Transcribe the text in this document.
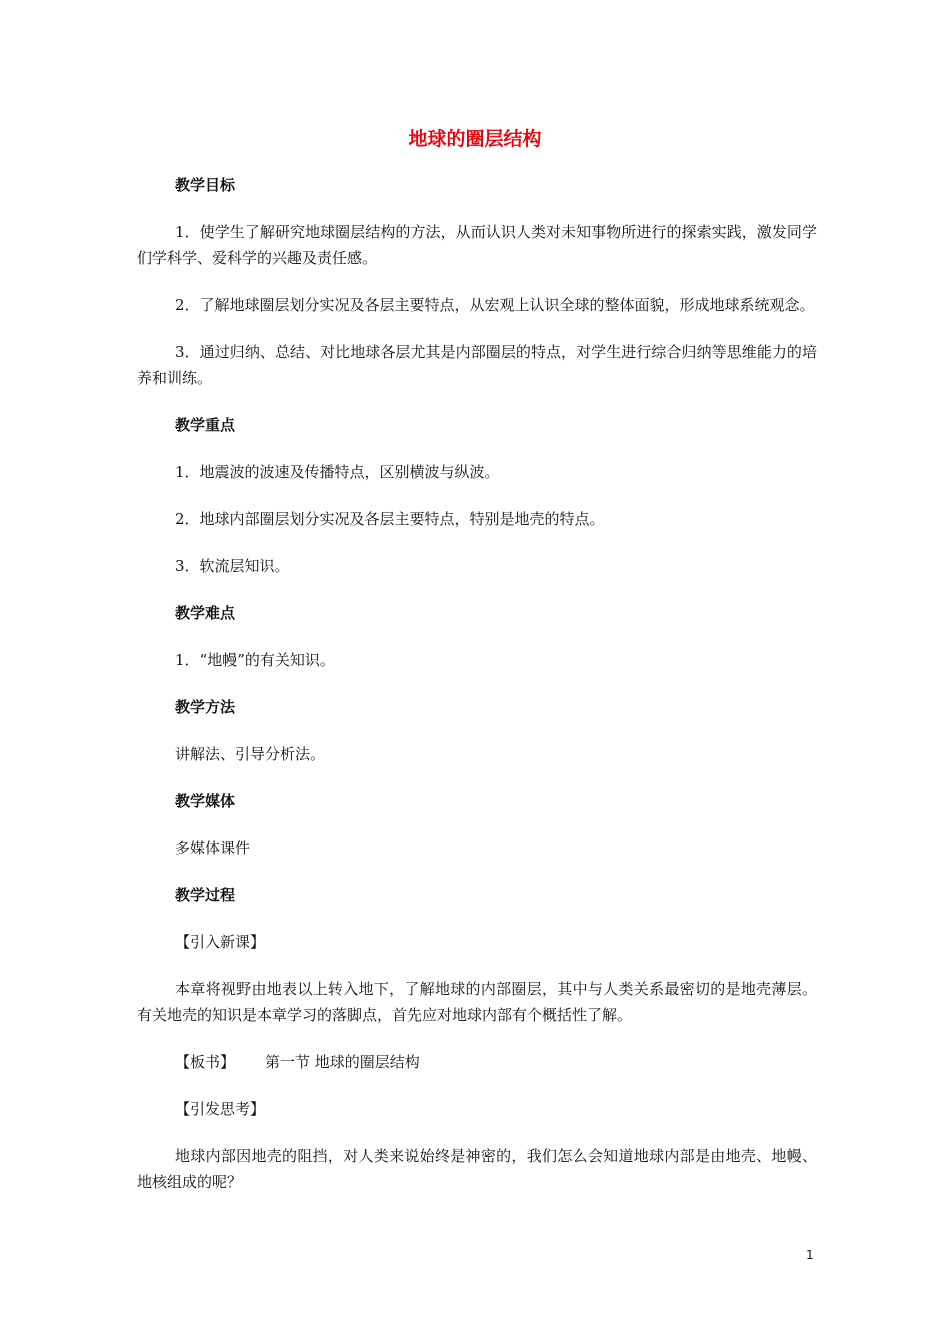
地球的圈层结构
教学目标
1．使学生了解研究地球圈层结构的方法，从而认识人类对未知事物所进行的探索实践，激发同学们学科学、爱科学的兴趣及责任感。
2．了解地球圈层划分实况及各层主要特点，从宏观上认识全球的整体面貌，形成地球系统观念。
3．通过归纳、总结、对比地球各层尤其是内部圈层的特点，对学生进行综合归纳等思维能力的培养和训练。
教学重点
1．地震波的波速及传播特点，区别横波与纵波。
2．地球内部圈层划分实况及各层主要特点，特别是地壳的特点。
3．软流层知识。
教学难点
1．“地幔”的有关知识。
教学方法
讲解法、引导分析法。
教学媒体
多媒体课件
教学过程
【引入新课】
本章将视野由地表以上转入地下，了解地球的内部圈层，其中与人类关系最密切的是地壳薄层。有关地壳的知识是本章学习的落脚点，首先应对地球内部有个概括性了解。
【板书】 第一节 地球的圈层结构
【引发思考】
地球内部因地壳的阻挡，对人类来说始终是神密的，我们怎么会知道地球内部是由地壳、地幔、地核组成的呢？
1
